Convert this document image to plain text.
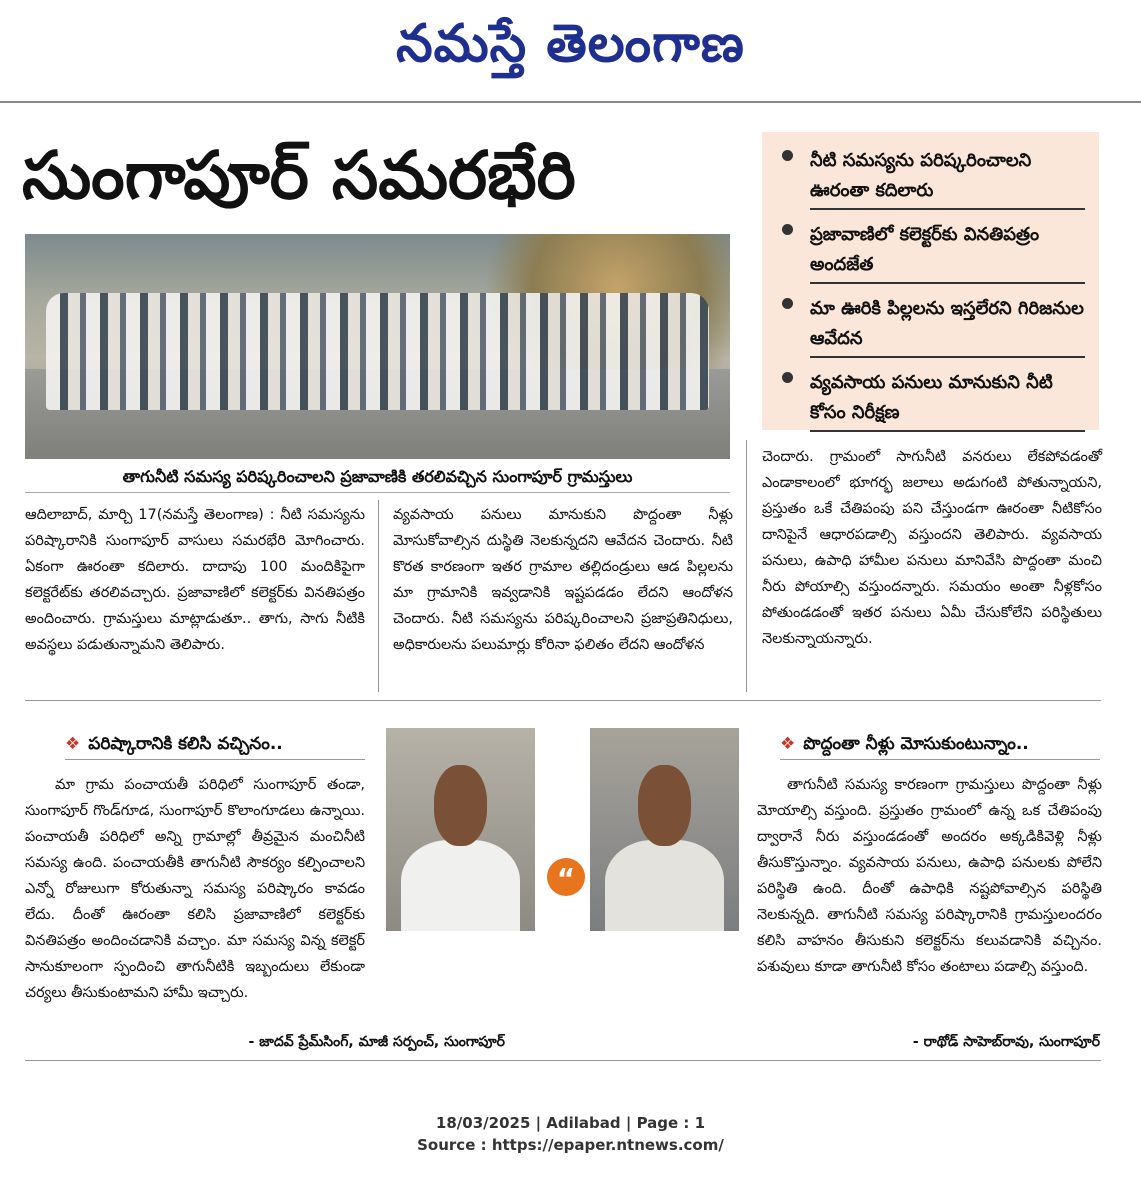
నమస్తే తెలంగాణ
సుంగాపూర్ సమరభేరి
తాగునీటి సమస్య పరిష్కరించాలని ప్రజావాణికి తరలివచ్చిన సుంగాపూర్ గ్రామస్తులు
నీటి సమస్యను పరిష్కరించాలని ఊరంతా కదిలారు
ప్రజావాణిలో కలెక్టర్‌కు వినతిపత్రం అందజేత
మా ఊరికి పిల్లలను ఇస్తలేరని గిరిజనుల ఆవేదన
వ్యవసాయ పనులు మానుకుని నీటి కోసం నిరీక్షణ
ఆదిలాబాద్, మార్చి 17(నమస్తే తెలంగాణ) : నీటి సమస్యను పరిష్కారానికి సుంగాపూర్ వాసులు సమరభేరి మోగించారు. ఏకంగా ఊరంతా కదిలారు. దాదాపు 100 మందికిపైగా కలెక్టరేట్‌కు తరలివచ్చారు. ప్రజావాణిలో కలెక్టర్‌కు వినతిపత్రం అందించారు. గ్రామస్తులు మాట్లాడుతూ.. తాగు, సాగు నీటికి అవస్థలు పడుతున్నామని తెలిపారు.
వ్యవసాయ పనులు మానుకుని పొద్దంతా నీళ్లు మోసుకోవాల్సిన దుస్థితి నెలకున్నదని ఆవేదన చెందారు. నీటి కొరత కారణంగా ఇతర గ్రామాల తల్లిదండ్రులు ఆడ పిల్లలను మా గ్రామానికి ఇవ్వడానికి ఇష్టపడడం లేదని ఆందోళన చెందారు. నీటి సమస్యను పరిష్కరించాలని ప్రజాప్రతినిధులు, అధికారులను పలుమార్లు కోరినా ఫలితం లేదని ఆందోళన
చెందారు. గ్రామంలో సాగునీటి వనరులు లేకపోవడంతో ఎండాకాలంలో భూగర్భ జలాలు అడుగంటి పోతున్నాయని, ప్రస్తుతం ఒకే చేతిపంపు పని చేస్తుండగా ఊరంతా నీటికోసం దానిపైనే ఆధారపడాల్సి వస్తుందని తెలిపారు. వ్యవసాయ పనులు, ఉపాధి హామీల పనులు మానివేసి పొద్దంతా మంచి నీరు పోయాల్సి వస్తుందన్నారు. సమయం అంతా నీళ్లకోసం పోతుండడంతో ఇతర పనులు ఏమీ చేసుకోలేని పరిస్థితులు నెలకున్నాయన్నారు.
❖ పరిష్కారానికి కలిసి వచ్చినం..
మా గ్రామ పంచాయతీ పరిధిలో సుంగాపూర్ తండా, సుంగాపూర్ గొండ్‌గూడ, సుంగాపూర్ కొలాంగూడలు ఉన్నాయి. పంచాయతీ పరిధిలో అన్ని గ్రామాల్లో తీవ్రమైన మంచినీటి సమస్య ఉంది. పంచాయతీకి తాగునీటి సౌకర్యం కల్పించాలని ఎన్నో రోజులుగా కోరుతున్నా సమస్య పరిష్కారం కావడం లేదు. దీంతో ఊరంతా కలిసి ప్రజావాణిలో కలెక్టర్‌కు వినతిపత్రం అందించడానికి వచ్చాం. మా సమస్య విన్న కలెక్టర్ సానుకూలంగా స్పందించి తాగునీటికి ఇబ్బందులు లేకుండా చర్యలు తీసుకుంటామని హామీ ఇచ్చారు.
- జాదవ్ ప్రేమ్‌సింగ్, మాజీ సర్పంచ్, సుంగాపూర్
“
❖ పొద్దంతా నీళ్లు మోసుకుంటున్నాం..
తాగునీటి సమస్య కారణంగా గ్రామస్తులు పొద్దంతా నీళ్లు మోయాల్సి వస్తుంది. ప్రస్తుతం గ్రామంలో ఉన్న ఒక చేతిపంపు ద్వారానే నీరు వస్తుండడంతో అందరం అక్కడికివెళ్లి నీళ్లు తీసుకొస్తున్నాం. వ్యవసాయ పనులు, ఉపాధి పనులకు పోలేని పరిస్థితి ఉంది. దీంతో ఉపాధికి నష్టపోవాల్సిన పరిస్థితి నెలకున్నది. తాగునీటి సమస్య పరిష్కారానికి గ్రామస్తులందరం కలిసి వాహనం తీసుకుని కలెక్టర్‌ను కలువడానికి వచ్చినం. పశువులు కూడా తాగునీటి కోసం తంటాలు పడాల్సి వస్తుంది.
- రాథోడ్ సాహెబ్‌రావు, సుంగాపూర్
18/03/2025 | Adilabad | Page : 1
Source : https://epaper.ntnews.com/
